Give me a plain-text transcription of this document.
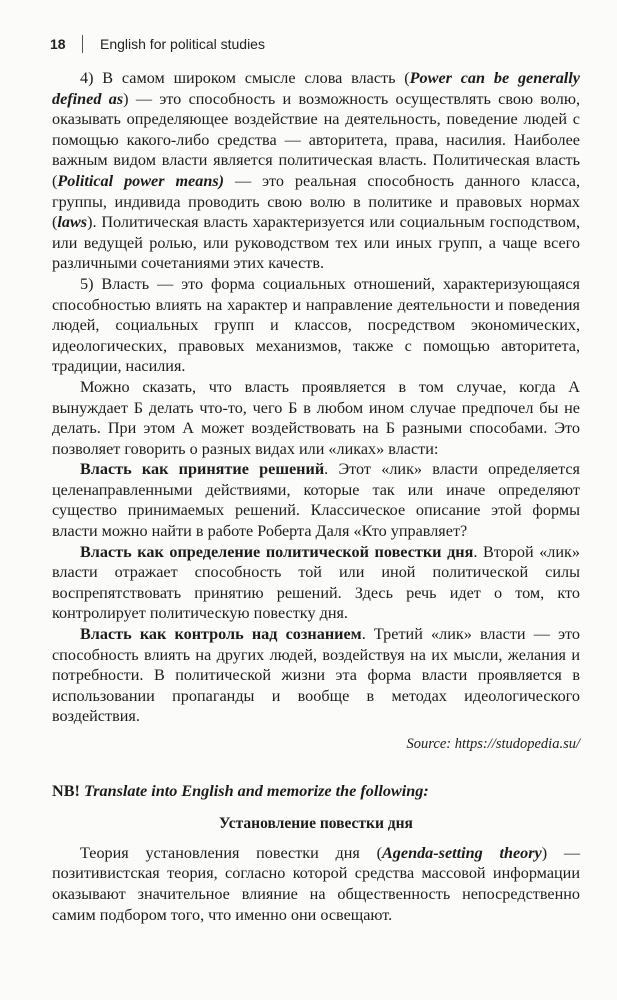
18 English for political studies

4) В самом широком смысле слова власть (Power can be generally defined as) — это способность и возможность осуществлять свою волю, оказывать определяющее воздействие на деятельность, поведение людей с помощью какого-либо средства — авторитета, права, насилия. Наиболее важным видом власти является политическая власть. Политическая власть (Political power means) — это реальная способность данного класса, группы, индивида проводить свою волю в политике и правовых нормах (laws). Политическая власть характеризуется или социальным господством, или ведущей ролью, или руководством тех или иных групп, а чаще всего различными сочетаниями этих качеств.

5) Власть — это форма социальных отношений, характеризующаяся способностью влиять на характер и направление деятельности и поведения людей, социальных групп и классов, посредством экономических, идеологических, правовых механизмов, также с помощью авторитета, традиции, насилия.

Можно сказать, что власть проявляется в том случае, когда А вынуждает Б делать что-то, чего Б в любом ином случае предпочел бы не делать. При этом А может воздействовать на Б разными способами. Это позволяет говорить о разных видах или «ликах» власти:

Власть как принятие решений. Этот «лик» власти определяется целенаправленными действиями, которые так или иначе определяют существо принимаемых решений. Классическое описание этой формы власти можно найти в работе Роберта Даля «Кто управляет?

Власть как определение политической повестки дня. Второй «лик» власти отражает способность той или иной политической силы воспрепятствовать принятию решений. Здесь речь идет о том, кто контролирует политическую повестку дня.

Власть как контроль над сознанием. Третий «лик» власти — это способность влиять на других людей, воздействуя на их мысли, желания и потребности. В политической жизни эта форма власти проявляется в использовании пропаганды и вообще в методах идеологического воздействия.

Source: https://studopedia.su/

NB! Translate into English and memorize the following:

Установление повестки дня

Теория установления повестки дня (Agenda-setting theory) — позитивистская теория, согласно которой средства массовой информации оказывают значительное влияние на общественность непосредственно самим подбором того, что именно они освещают.
